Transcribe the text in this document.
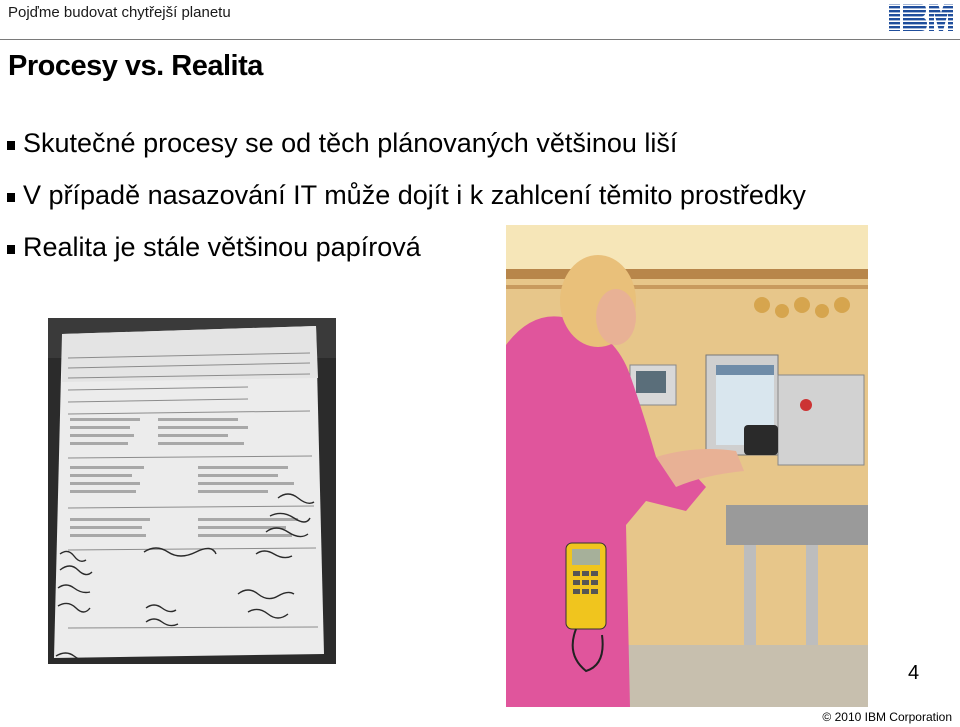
Pojďme budovat chytřejší planetu
Procesy vs. Realita
Skutečné procesy se od těch plánovaných většinou liší
V případě nasazování IT může dojít i k zahlcení těmito prostředky
Realita je stále většinou papírová
4
© 2010 IBM Corporation
